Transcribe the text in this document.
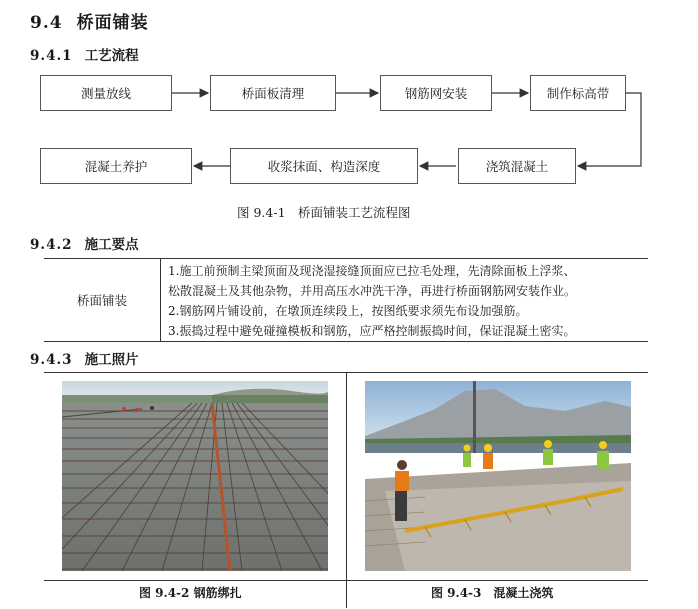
9.4 桥面铺装
9.4.1 工艺流程
测量放线	桥面板清理	钢筋网安装	制作标高带
浇筑混凝土
收浆抹面、构造深度
混凝土养护
图 9.4-1　桥面铺装工艺流程图
9.4.2 施工要点
桥面铺装
1.施工前预制主梁顶面及现浇湿接缝顶面应已拉毛处理，先清除面板上浮浆、
松散混凝土及其他杂物，并用高压水冲洗干净，再进行桥面钢筋网安装作业。
2.钢筋网片铺设前，在墩顶连续段上，按图纸要求须先布设加强筋。
3.振捣过程中避免碰撞模板和钢筋，应严格控制振捣时间，保证混凝土密实。
9.4.3 施工照片
图 9.4-2 钢筋绑扎	图 9.4-3　混凝土浇筑
